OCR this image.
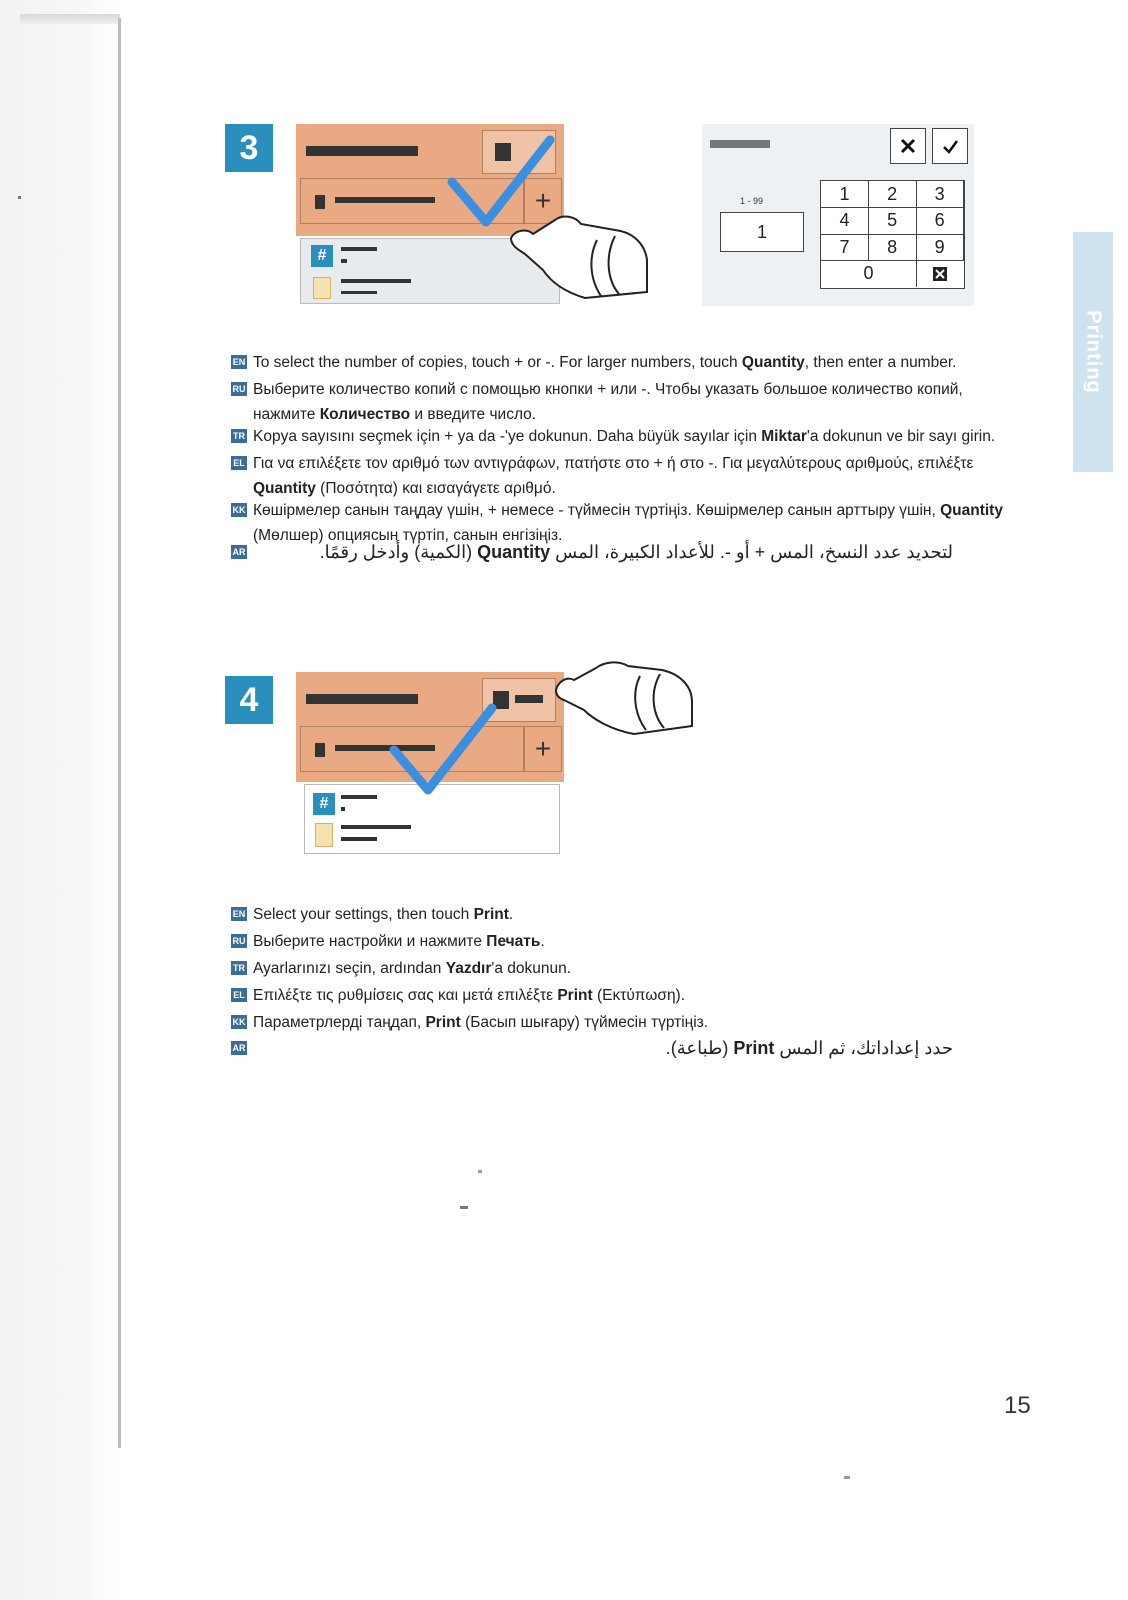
Printing
3
+
#
1 - 99
1
1	2	3
4	5	6
7	8	9
0
EN To select the number of copies, touch + or -. For larger numbers, touch Quantity, then enter a number.
RU Выберите количество копий с помощью кнопки + или -. Чтобы указать большое количество копий, нажмите Количество и введите число.
TR Kopya sayısını seçmek için + ya da -'ye dokunun. Daha büyük sayılar için Miktar'a dokunun ve bir sayı girin.
EL Για να επιλέξετε τον αριθμό των αντιγράφων, πατήστε στο + ή στο -. Για μεγαλύτερους αριθμούς, επιλέξτε Quantity (Ποσότητα) και εισαγάγετε αριθμό.
KK Көшірмелер санын таңдау үшін, + немесе - түймесін түртіңіз. Көшірмелер санын арттыру үшін, Quantity (Мөлшер) опциясын түртіп, санын енгізіңіз.
AR	لتحديد عدد النسخ، المس + أو -. للأعداد الكبيرة، المس Quantity (الكمية) وأدخل رقمًا.
4
+
#
EN Select your settings, then touch Print.
RU Выберите настройки и нажмите Печать.
TR Ayarlarınızı seçin, ardından Yazdır'a dokunun.
EL Επιλέξτε τις ρυθμίσεις σας και μετά επιλέξτε Print (Εκτύπωση).
KK Параметрлерді таңдап, Print (Басып шығару) түймесін түртіңіз.
AR	حدد إعداداتك، ثم المس Print (طباعة).
15
